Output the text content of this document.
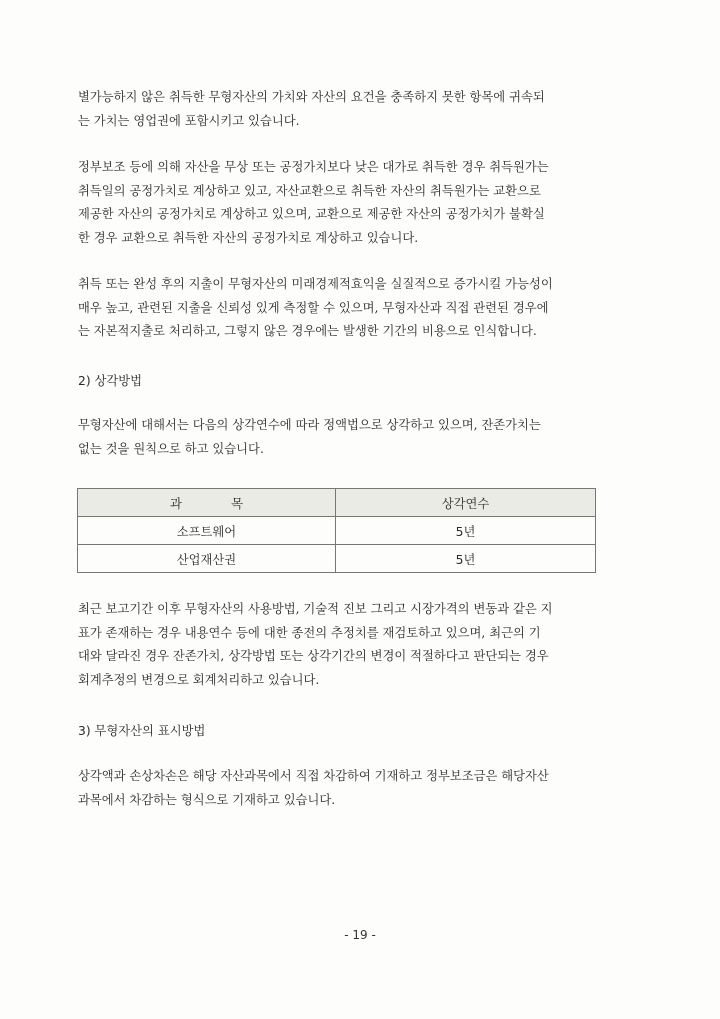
별가능하지 않은 취득한 무형자산의 가치와 자산의 요건을 충족하지 못한 항목에 귀속되
는 가치는 영업권에 포함시키고 있습니다.

정부보조 등에 의해 자산을 무상 또는 공정가치보다 낮은 대가로 취득한 경우 취득원가는
취득일의 공정가치로 계상하고 있고, 자산교환으로 취득한 자산의 취득원가는 교환으로
제공한 자산의 공정가치로 계상하고 있으며, 교환으로 제공한 자산의 공정가치가 불확실
한 경우 교환으로 취득한 자산의 공정가치로 계상하고 있습니다.

취득 또는 완성 후의 지출이 무형자산의 미래경제적효익을 실질적으로 증가시킬 가능성이
매우 높고, 관련된 지출을 신뢰성 있게 측정할 수 있으며, 무형자산과 직접 관련된 경우에
는 자본적지출로 처리하고, 그렇지 않은 경우에는 발생한 기간의 비용으로 인식합니다.

2) 상각방법

무형자산에 대해서는 다음의 상각연수에 따라 정액법으로 상각하고 있으며, 잔존가치는
없는 것을 원칙으로 하고 있습니다.

과　　　　목	상각연수
소프트웨어	5년
산업재산권	5년

최근 보고기간 이후 무형자산의 사용방법, 기술적 진보 그리고 시장가격의 변동과 같은 지
표가 존재하는 경우 내용연수 등에 대한 종전의 추정치를 재검토하고 있으며, 최근의 기
대와 달라진 경우 잔존가치, 상각방법 또는 상각기간의 변경이 적절하다고 판단되는 경우
회계추정의 변경으로 회계처리하고 있습니다.

3) 무형자산의 표시방법

상각액과 손상차손은 해당 자산과목에서 직접 차감하여 기재하고 정부보조금은 해당자산
과목에서 차감하는 형식으로 기재하고 있습니다.

- 19 -
